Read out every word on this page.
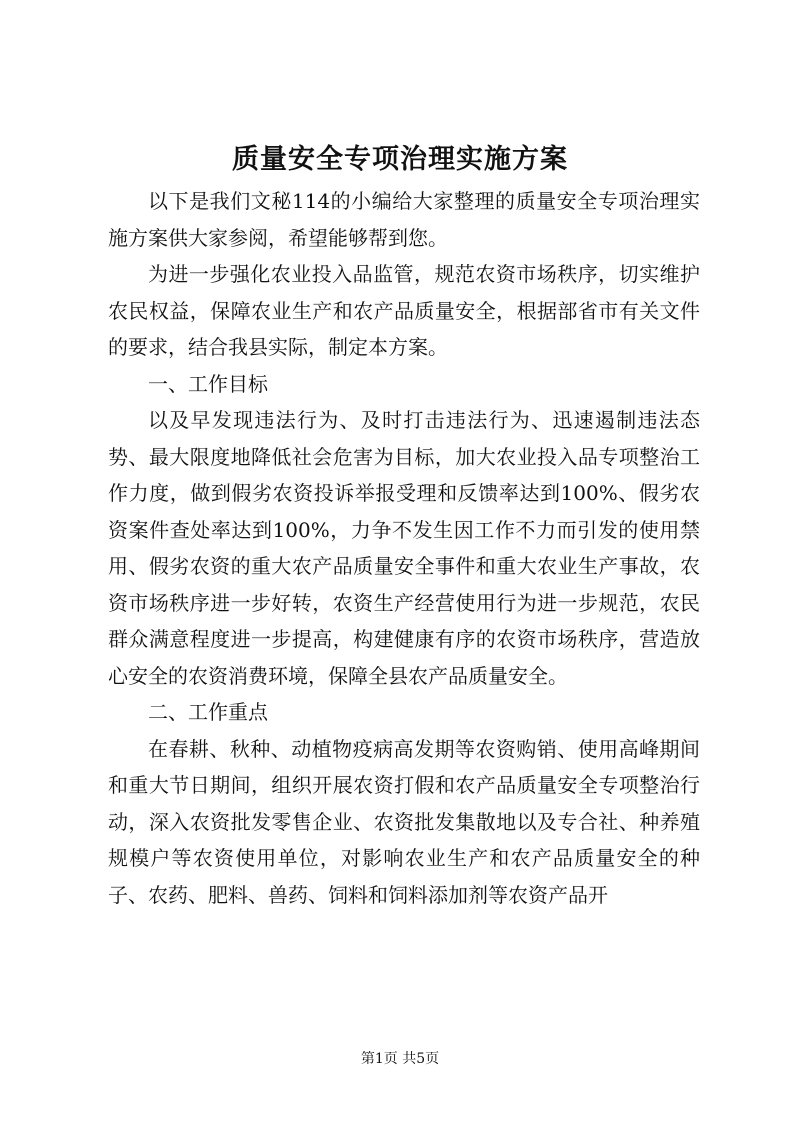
质量安全专项治理实施方案

以下是我们文秘114的小编给大家整理的质量安全专项治理实施方案供大家参阅，希望能够帮到您。

为进一步强化农业投入品监管，规范农资市场秩序，切实维护农民权益，保障农业生产和农产品质量安全，根据部省市有关文件的要求，结合我县实际，制定本方案。

一、工作目标

以及早发现违法行为、及时打击违法行为、迅速遏制违法态势、最大限度地降低社会危害为目标，加大农业投入品专项整治工作力度，做到假劣农资投诉举报受理和反馈率达到100%、假劣农资案件查处率达到100%，力争不发生因工作不力而引发的使用禁用、假劣农资的重大农产品质量安全事件和重大农业生产事故，农资市场秩序进一步好转，农资生产经营使用行为进一步规范，农民群众满意程度进一步提高，构建健康有序的农资市场秩序，营造放心安全的农资消费环境，保障全县农产品质量安全。

二、工作重点

在春耕、秋种、动植物疫病高发期等农资购销、使用高峰期间和重大节日期间，组织开展农资打假和农产品质量安全专项整治行动，深入农资批发零售企业、农资批发集散地以及专合社、种养殖规模户等农资使用单位，对影响农业生产和农产品质量安全的种子、农药、肥料、兽药、饲料和饲料添加剂等农资产品开

第1页 共5页
